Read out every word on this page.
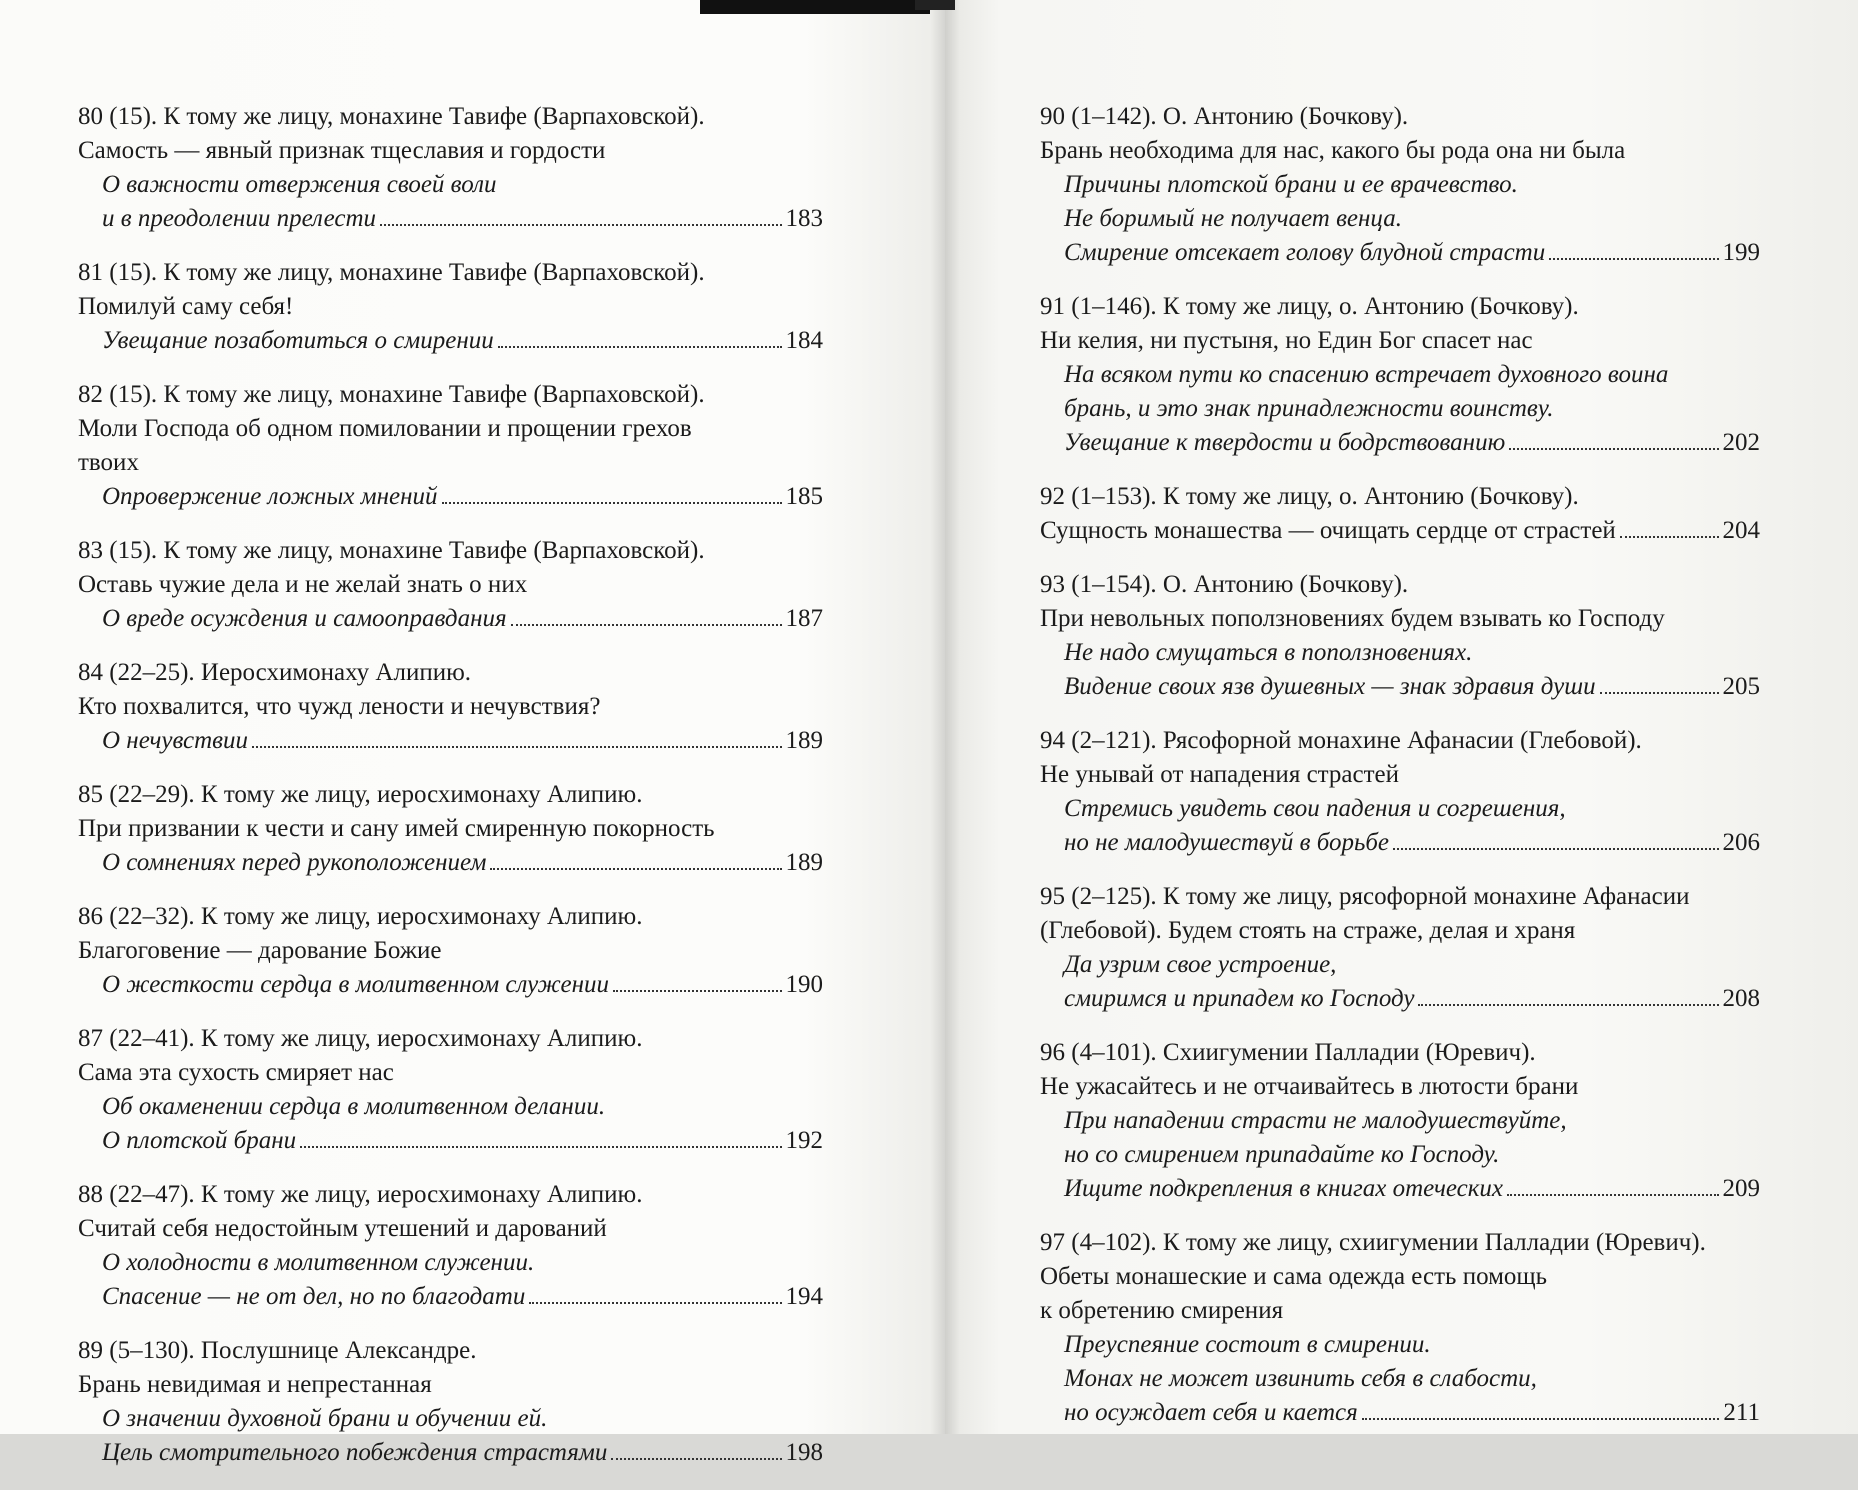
80 (15). К тому же лицу, монахине Тавифе (Варпаховской).
Самость — явный признак тщеславия и гордости
О важности отвержения своей воли
и в преодолении прелести	183
81 (15). К тому же лицу, монахине Тавифе (Варпаховской).
Помилуй саму себя!
Увещание позаботиться о смирении	184
82 (15). К тому же лицу, монахине Тавифе (Варпаховской).
Моли Господа об одном помиловании и прощении грехов
твоих
Опровержение ложных мнений	185
83 (15). К тому же лицу, монахине Тавифе (Варпаховской).
Оставь чужие дела и не желай знать о них
О вреде осуждения и самооправдания	187
84 (22–25). Иеросхимонаху Алипию.
Кто похвалится, что чужд лености и нечувствия?
О нечувствии	189
85 (22–29). К тому же лицу, иеросхимонаху Алипию.
При призвании к чести и сану имей смиренную покорность
О сомнениях перед рукоположением	189
86 (22–32). К тому же лицу, иеросхимонаху Алипию.
Благоговение — дарование Божие
О жесткости сердца в молитвенном служении	190
87 (22–41). К тому же лицу, иеросхимонаху Алипию.
Сама эта сухость смиряет нас
Об окаменении сердца в молитвенном делании.
О плотской брани	192
88 (22–47). К тому же лицу, иеросхимонаху Алипию.
Считай себя недостойным утешений и дарований
О холодности в молитвенном служении.
Спасение — не от дел, но по благодати	194
89 (5–130). Послушнице Александре.
Брань невидимая и непрестанная
О значении духовной брани и обучении ей.
Цель смотрительного побеждения страстями	198
90 (1–142). О. Антонию (Бочкову).
Брань необходима для нас, какого бы рода она ни была
Причины плотской брани и ее врачевство.
Не боримый не получает венца.
Смирение отсекает голову блудной страсти	199
91 (1–146). К тому же лицу, о. Антонию (Бочкову).
Ни келия, ни пустыня, но Един Бог спасет нас
На всяком пути ко спасению встречает духовного воина
брань, и это знак принадлежности воинству.
Увещание к твердости и бодрствованию	202
92 (1–153). К тому же лицу, о. Антонию (Бочкову).
Сущность монашества — очищать сердце от страстей	204
93 (1–154). О. Антонию (Бочкову).
При невольных поползновениях будем взывать ко Господу
Не надо смущаться в поползновениях.
Видение своих язв душевных — знак здравия души	205
94 (2–121). Рясофорной монахине Афанасии (Глебовой).
Не унывай от нападения страстей
Стремись увидеть свои падения и согрешения,
но не малодушествуй в борьбе	206
95 (2–125). К тому же лицу, рясофорной монахине Афанасии
(Глебовой). Будем стоять на страже, делая и храня
Да узрим свое устроение,
смиримся и припадем ко Господу	208
96 (4–101). Схиигумении Палладии (Юревич).
Не ужасайтесь и не отчаивайтесь в лютости брани
При нападении страсти не малодушествуйте,
но со смирением припадайте ко Господу.
Ищите подкрепления в книгах отеческих	209
97 (4–102). К тому же лицу, схиигумении Палладии (Юревич).
Обеты монашеские и сама одежда есть помощь
к обретению смирения
Преуспеяние состоит в смирении.
Монах не может извинить себя в слабости,
но осуждает себя и кается	211
